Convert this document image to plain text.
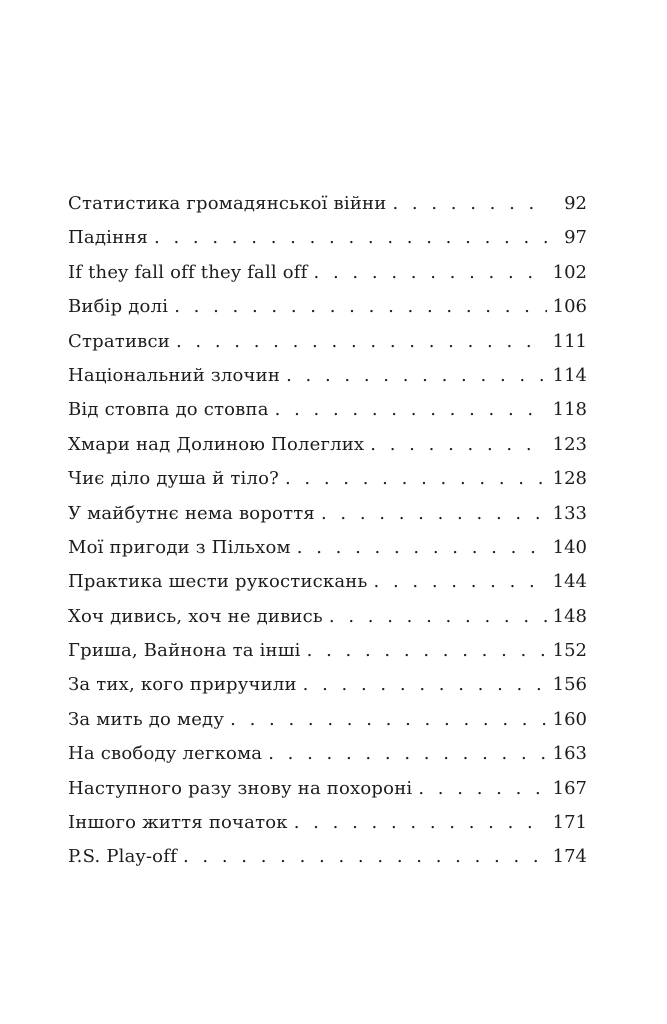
Статистика громадянської війни . . .	92
Падіння . . .	97
If they fall off they fall off . . .	102
Вибір долі . . .	106
Стративси . . .	111
Національний злочин . . .	114
Від стовпа до стовпа . . .	118
Хмари над Долиною Полеглих . . .	123
Чиє діло душа й тіло? . . .	128
У майбутнє нема вороття . . .	133
Мої пригоди з Пільхом . . .	140
Практика шести рукостискань . . .	144
Хоч дивись, хоч не дивись . . .	148
Гриша, Вайнона та інші . . .	152
За тих, кого приручили . . .	156
За мить до меду . . .	160
На свободу легкома . . .	163
Наступного разу знову на похороні . . .	167
Іншого життя початок . . .	171
P.S. Play-off . . .	174
